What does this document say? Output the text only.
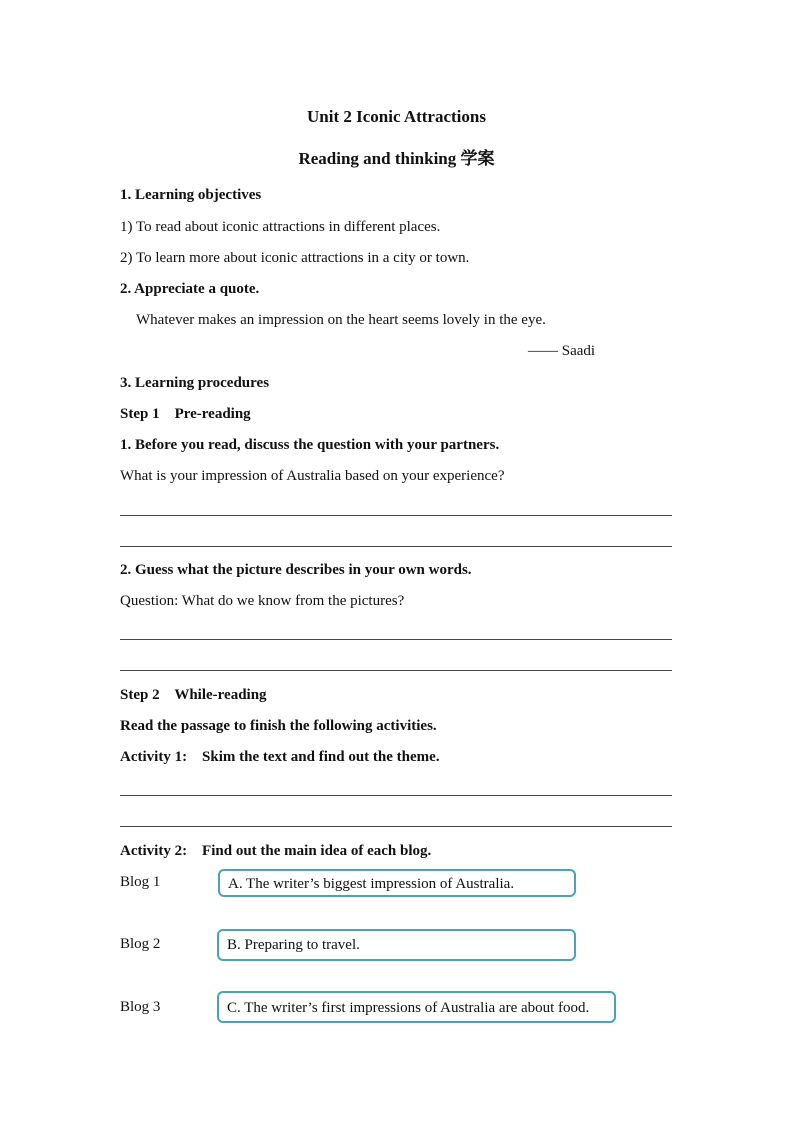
Unit 2 Iconic Attractions
Reading and thinking 学案
1. Learning objectives
1) To read about iconic attractions in different places.
2) To learn more about iconic attractions in a city or town.
2. Appreciate a quote.
Whatever makes an impression on the heart seems lovely in the eye.
—— Saadi
3. Learning procedures
Step 1    Pre-reading
1. Before you read, discuss the question with your partners.
What is your impression of Australia based on your experience?
2. Guess what the picture describes in your own words.
Question: What do we know from the pictures?
Step 2    While-reading
Read the passage to finish the following activities.
Activity 1:    Skim the text and find out the theme.
Activity 2:    Find out the main idea of each blog.
Blog 1	A. The writer’s biggest impression of Australia.
Blog 2	B. Preparing to travel.
Blog 3	C. The writer’s first impressions of Australia are about food.
